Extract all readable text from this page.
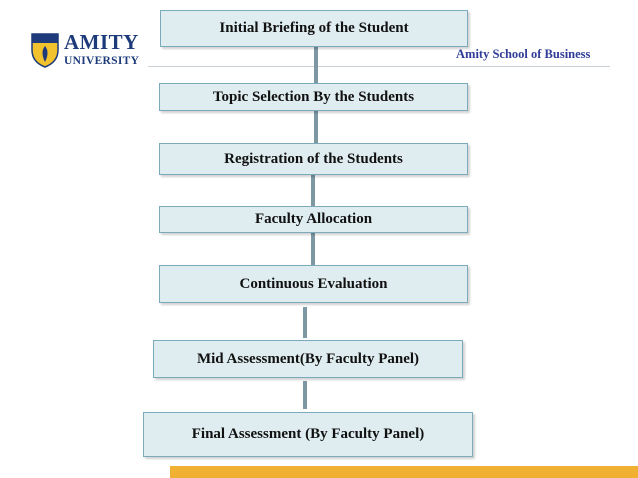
AMITY
UNIVERSITY	Amity School of Business
Initial Briefing of the Student
Topic Selection By the Students
Registration of the Students
Faculty Allocation
Continuous Evaluation
Mid Assessment(By Faculty Panel)
Final Assessment (By Faculty Panel)
